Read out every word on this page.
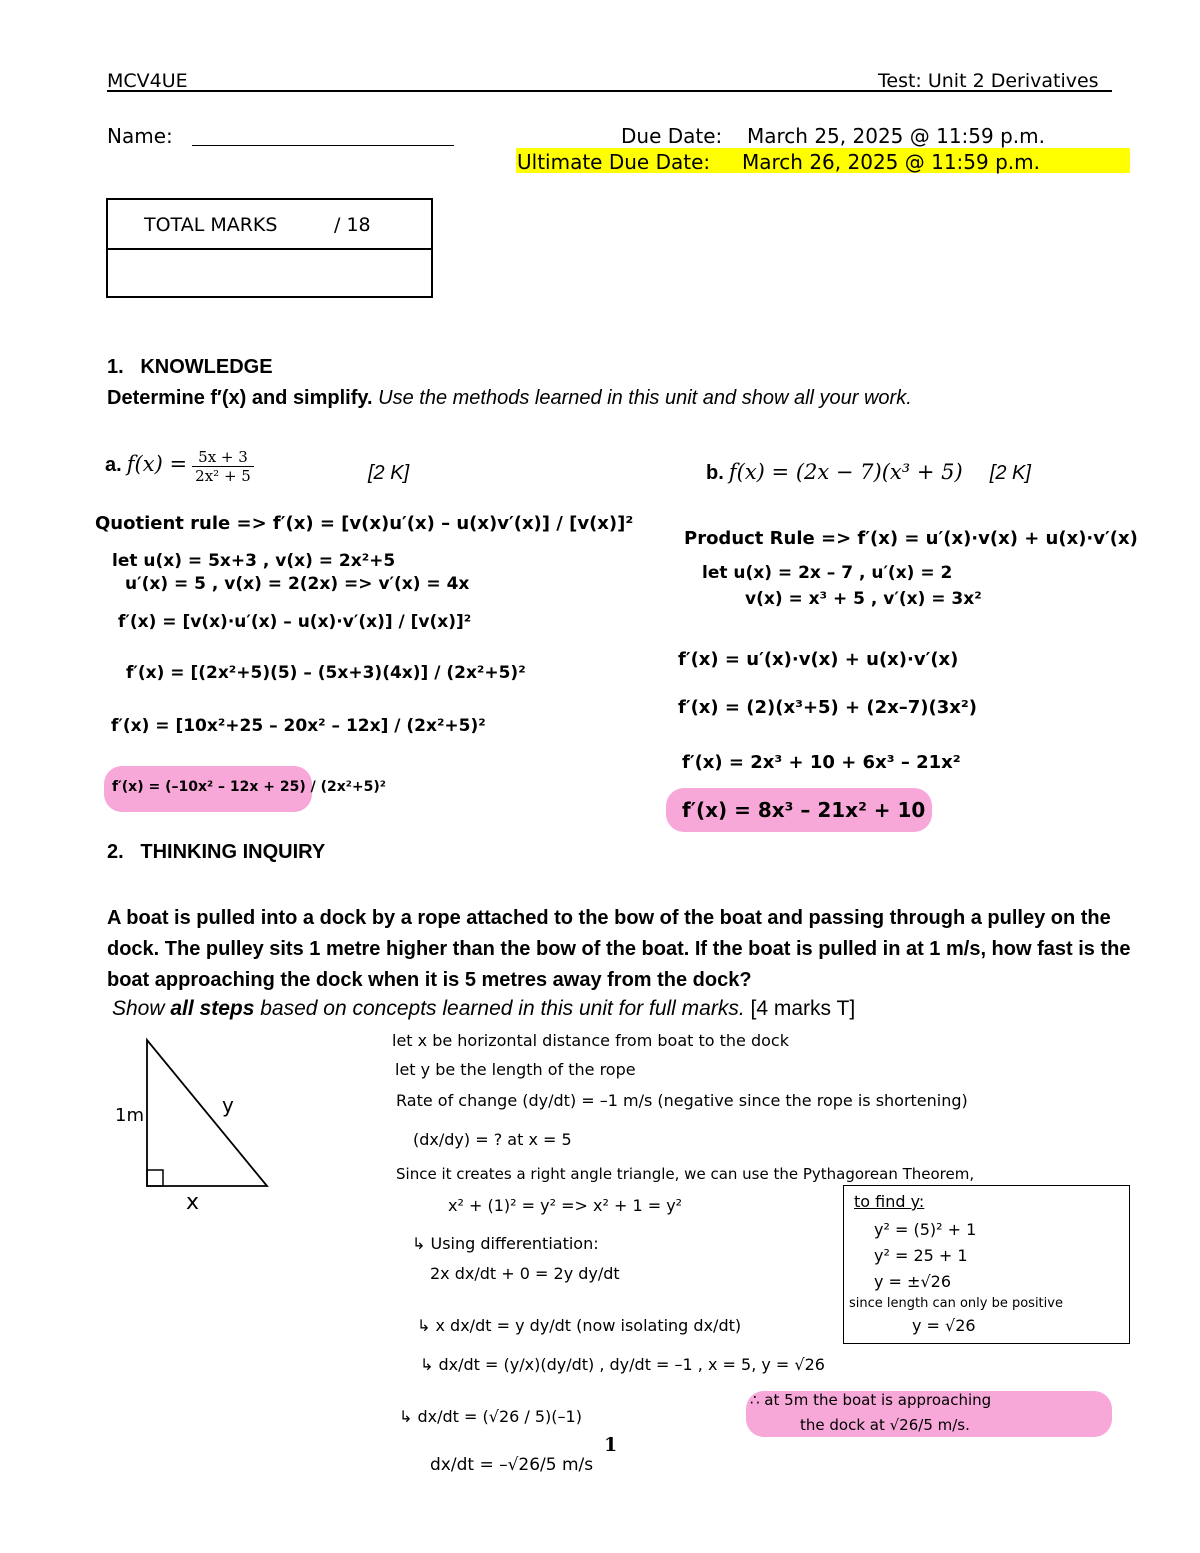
MCV4UE	Test: Unit 2 Derivatives
Name:	Due Date: March 25, 2025 @ 11:59 p.m.
Ultimate Due Date: March 26, 2025 @ 11:59 p.m.
TOTAL MARKS	/ 18
1. KNOWLEDGE
Determine f′(x) and simplify. Use the methods learned in this unit and show all your work.
a. $f(x) = \frac{5x + 3}{\text{2x² + 5}}$	[2 K]
Quotient rule => f′(x) = [v(x)u′(x) – u(x)v′(x)] / [v(x)]²
let u(x) = 5x+3 , v(x) = 2x²+5
u′(x) = 5 , v(x) = 2(2x) => v′(x) = 4x
f′(x) = [v(x)·u′(x) – u(x)·v′(x)] / [v(x)]²
f′(x) = [(2x²+5)(5) – (5x+3)(4x)] / (2x²+5)²
f′(x) = [10x²+25 – 20x² – 12x] / (2x²+5)²
f′(x) = (–10x² – 12x + 25) / (2x²+5)²
b. f(x) = (2x − 7)(x³ + 5) [2 K]
Product Rule => f′(x) = u′(x)·v(x) + u(x)·v′(x)
let u(x) = 2x – 7 , u′(x) = 2
v(x) = x³ + 5 , v′(x) = 3x²
f′(x) = u′(x)·v(x) + u(x)·v′(x)
f′(x) = (2)(x³+5) + (2x–7)(3x²)
f′(x) = 2x³ + 10 + 6x³ – 21x²
f′(x) = 8x³ – 21x² + 10
2. THINKING INQUIRY
A boat is pulled into a dock by a rope attached to the bow of the boat and passing through a pulley on the dock. The pulley sits 1 metre higher than the bow of the boat. If the boat is pulled in at 1 m/s, how fast is the boat approaching the dock when it is 5 metres away from the dock?
Show all steps based on concepts learned in this unit for full marks. [4 marks T]
1m	y
x
let x be horizontal distance from boat to the dock
let y be the length of the rope
Rate of change (dy/dt) = –1 m/s (negative since the rope is shortening)
(dx/dy) = ? at x = 5
Since it creates a right angle triangle, we can use the Pythagorean Theorem,
x² + (1)² = y² => x² + 1 = y²
↳ Using differentiation:
2x dx/dt + 0 = 2y dy/dt
↳ x dx/dt = y dy/dt (now isolating dx/dt)
↳ dx/dt = (y/x)(dy/dt) , dy/dt = –1 , x = 5, y = √26
↳ dx/dt = (√26 / 5)(–1)
dx/dt = –√26/5 m/s
to find y:
y² = (5)² + 1
y² = 25 + 1
y = ±√26
since length can only be positive
y = √26
∴ at 5m the boat is approaching
the dock at √26/5 m/s.
1
